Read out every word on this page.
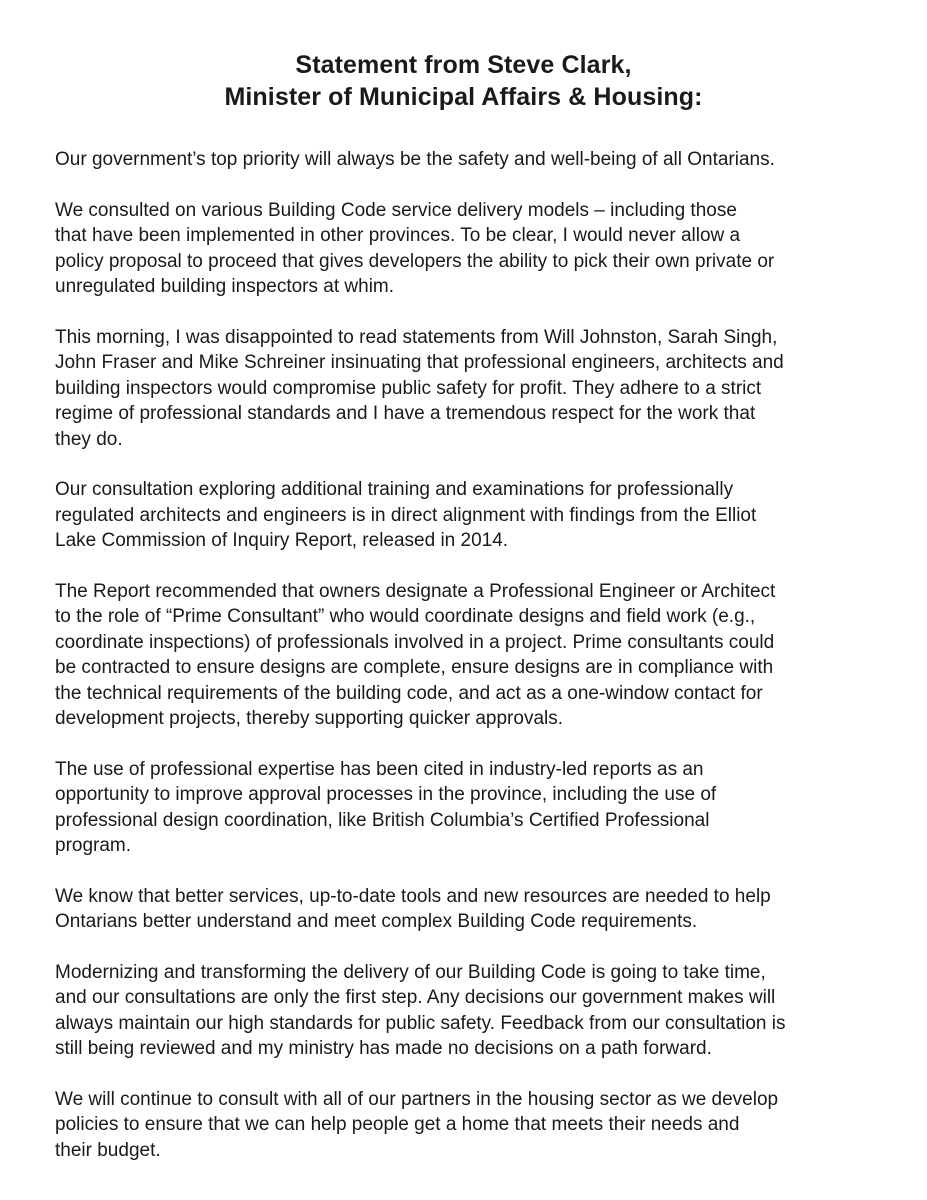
Statement from Steve Clark,
Minister of Municipal Affairs & Housing:

Our government’s top priority will always be the safety and well-being of all Ontarians.

We consulted on various Building Code service delivery models – including those
that have been implemented in other provinces. To be clear, I would never allow a
policy proposal to proceed that gives developers the ability to pick their own private or
unregulated building inspectors at whim.

This morning, I was disappointed to read statements from Will Johnston, Sarah Singh,
John Fraser and Mike Schreiner insinuating that professional engineers, architects and
building inspectors would compromise public safety for profit. They adhere to a strict
regime of professional standards and I have a tremendous respect for the work that
they do.

Our consultation exploring additional training and examinations for professionally
regulated architects and engineers is in direct alignment with findings from the Elliot
Lake Commission of Inquiry Report, released in 2014.

The Report recommended that owners designate a Professional Engineer or Architect
to the role of “Prime Consultant” who would coordinate designs and field work (e.g.,
coordinate inspections) of professionals involved in a project. Prime consultants could
be contracted to ensure designs are complete, ensure designs are in compliance with
the technical requirements of the building code, and act as a one-window contact for
development projects, thereby supporting quicker approvals.

The use of professional expertise has been cited in industry-led reports as an
opportunity to improve approval processes in the province, including the use of
professional design coordination, like British Columbia’s Certified Professional
program.

We know that better services, up-to-date tools and new resources are needed to help
Ontarians better understand and meet complex Building Code requirements.

Modernizing and transforming the delivery of our Building Code is going to take time,
and our consultations are only the first step. Any decisions our government makes will
always maintain our high standards for public safety. Feedback from our consultation is
still being reviewed and my ministry has made no decisions on a path forward.

We will continue to consult with all of our partners in the housing sector as we develop
policies to ensure that we can help people get a home that meets their needs and
their budget.
